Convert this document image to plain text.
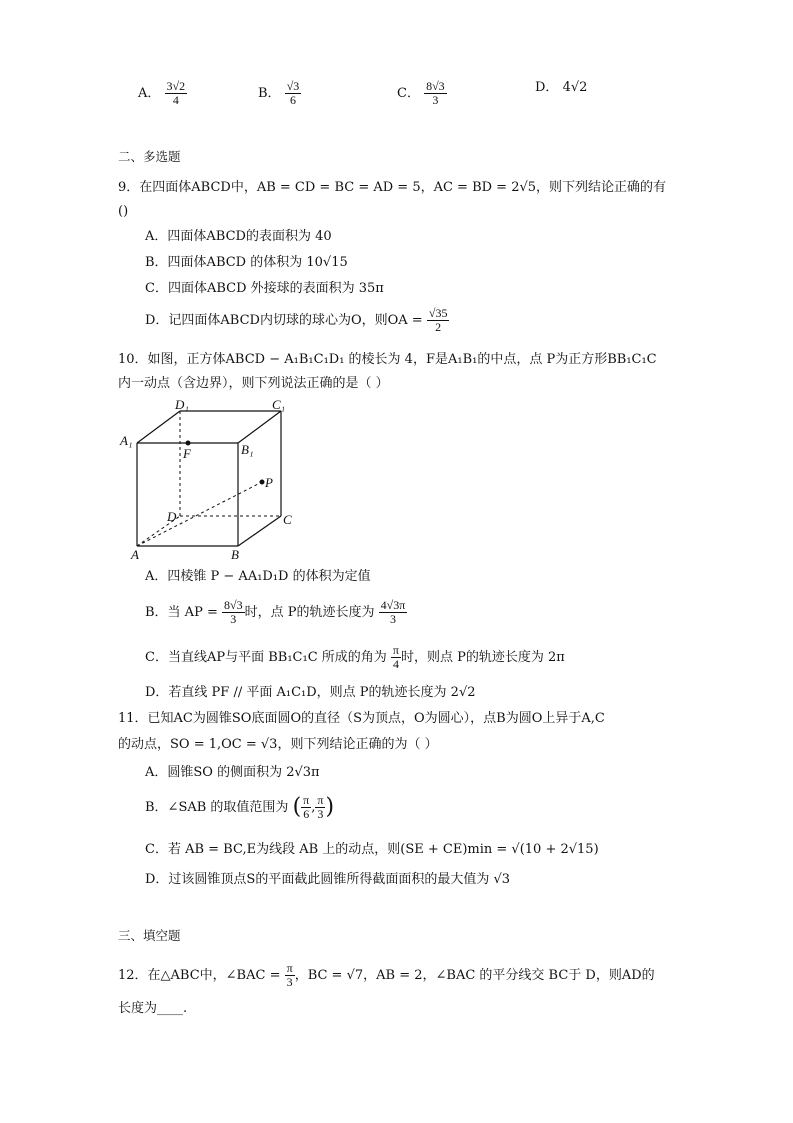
A． $\frac{3√2}{4}$	B． $\frac{√3}{6}$	C． $\frac{8√3}{3}$	D． 4√2
二、多选题
9．在四面体ABCD中，AB = CD = BC = AD = 5，AC = BD = 2√5，则下列结论正确的有
()
A．四面体ABCD的表面积为 40
B．四面体ABCD 的体积为 10√15
C．四面体ABCD 外接球的表面积为 35π
D．记四面体ABCD内切球的球心为O，则OA = $\frac{√35}{2}$
10．如图，正方体ABCD − A₁B₁C₁D₁ 的棱长为 4，F是A₁B₁的中点，点 P为正方形BB₁C₁C
内一动点（含边界），则下列说法正确的是（ ）
D₁	C₁
A₁
B₁
F
P
D	C
A	B
A．四棱锥 P − AA₁D₁D 的体积为定值
B．当 AP = $\frac{8√3}{3}$ 时，点 P的轨迹长度为 $\frac{4√3\pi}{3}$
C．当直线AP与平面 BB₁C₁C 所成的角为 $\frac{\pi}{4}$ 时，则点 P的轨迹长度为 2π
D．若直线 PF // 平面 A₁C₁D，则点 P的轨迹长度为 2√2
11．已知AC为圆锥SO底面圆O的直径（S为顶点，O为圆心），点B为圆O上异于A,C
的动点，SO = 1,OC = √3，则下列结论正确的为（ ）
A．圆锥SO 的侧面积为 2√3π
B．∠SAB 的取值范围为 ( $\frac{\pi}{6}$ , $\frac{\pi}{3}$ )
C．若 AB = BC,E为线段 AB 上的动点，则(SE + CE)min = √(10 + 2√15)
D．过该圆锥顶点S的平面截此圆锥所得截面面积的最大值为 √3
三、填空题
12．在△ABC中，∠BAC = $\frac{\pi}{3}$ ，BC = √7，AB = 2，∠BAC 的平分线交 BC于 D，则AD的
长度为____.
